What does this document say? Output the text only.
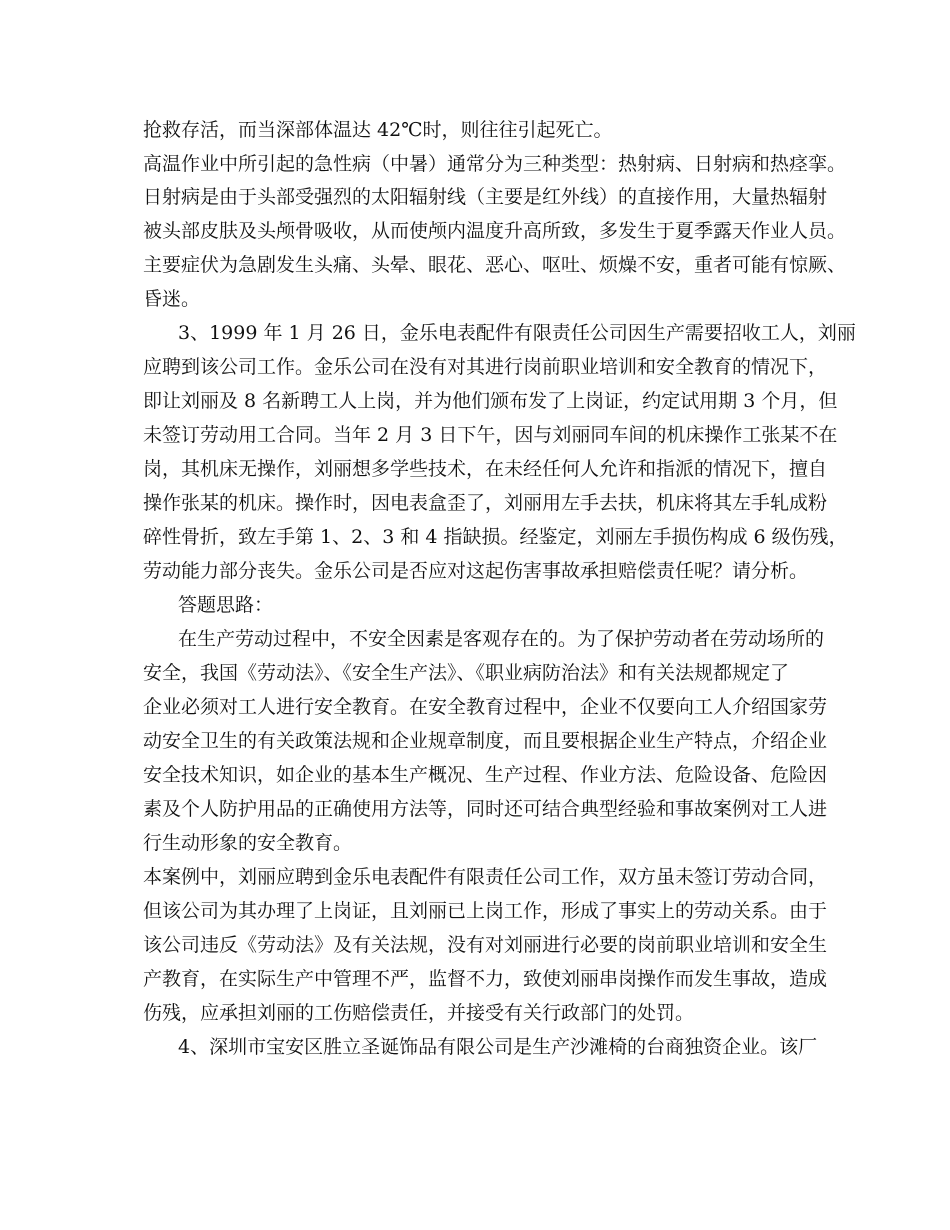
抢救存活，而当深部体温达 42℃时，则往往引起死亡。
高温作业中所引起的急性病（中暑）通常分为三种类型：热射病、日射病和热痉挛。
日射病是由于头部受强烈的太阳辐射线（主要是红外线）的直接作用，大量热辐射
被头部皮肤及头颅骨吸收，从而使颅内温度升高所致，多发生于夏季露天作业人员。
主要症伏为急剧发生头痛、头晕、眼花、恶心、呕吐、烦燥不安，重者可能有惊厥、
昏迷。
3、1999 年 1 月 26 日，金乐电表配件有限责任公司因生产需要招收工人，刘丽
应聘到该公司工作。金乐公司在没有对其进行岗前职业培训和安全教育的情况下，
即让刘丽及 8 名新聘工人上岗，并为他们颁布发了上岗证，约定试用期 3 个月，但
未签订劳动用工合同。当年 2 月 3 日下午，因与刘丽同车间的机床操作工张某不在
岗，其机床无操作，刘丽想多学些技术，在未经任何人允许和指派的情况下，擅自
操作张某的机床。操作时，因电表盒歪了，刘丽用左手去扶，机床将其左手轧成粉
碎性骨折，致左手第 1、2、3 和 4 指缺损。经鉴定，刘丽左手损伤构成 6 级伤残，
劳动能力部分丧失。金乐公司是否应对这起伤害事故承担赔偿责任呢？请分析。
答题思路：
在生产劳动过程中，不安全因素是客观存在的。为了保护劳动者在劳动场所的
安全，我国《劳动法》、《安全生产法》、《职业病防治法》和有关法规都规定了
企业必须对工人进行安全教育。在安全教育过程中，企业不仅要向工人介绍国家劳
动安全卫生的有关政策法规和企业规章制度，而且要根据企业生产特点，介绍企业
安全技术知识，如企业的基本生产概况、生产过程、作业方法、危险设备、危险因
素及个人防护用品的正确使用方法等，同时还可结合典型经验和事故案例对工人进
行生动形象的安全教育。
本案例中，刘丽应聘到金乐电表配件有限责任公司工作，双方虽未签订劳动合同，
但该公司为其办理了上岗证，且刘丽已上岗工作，形成了事实上的劳动关系。由于
该公司违反《劳动法》及有关法规，没有对刘丽进行必要的岗前职业培训和安全生
产教育，在实际生产中管理不严，监督不力，致使刘丽串岗操作而发生事故，造成
伤残，应承担刘丽的工伤赔偿责任，并接受有关行政部门的处罚。
4、深圳市宝安区胜立圣诞饰品有限公司是生产沙滩椅的台商独资企业。该厂
